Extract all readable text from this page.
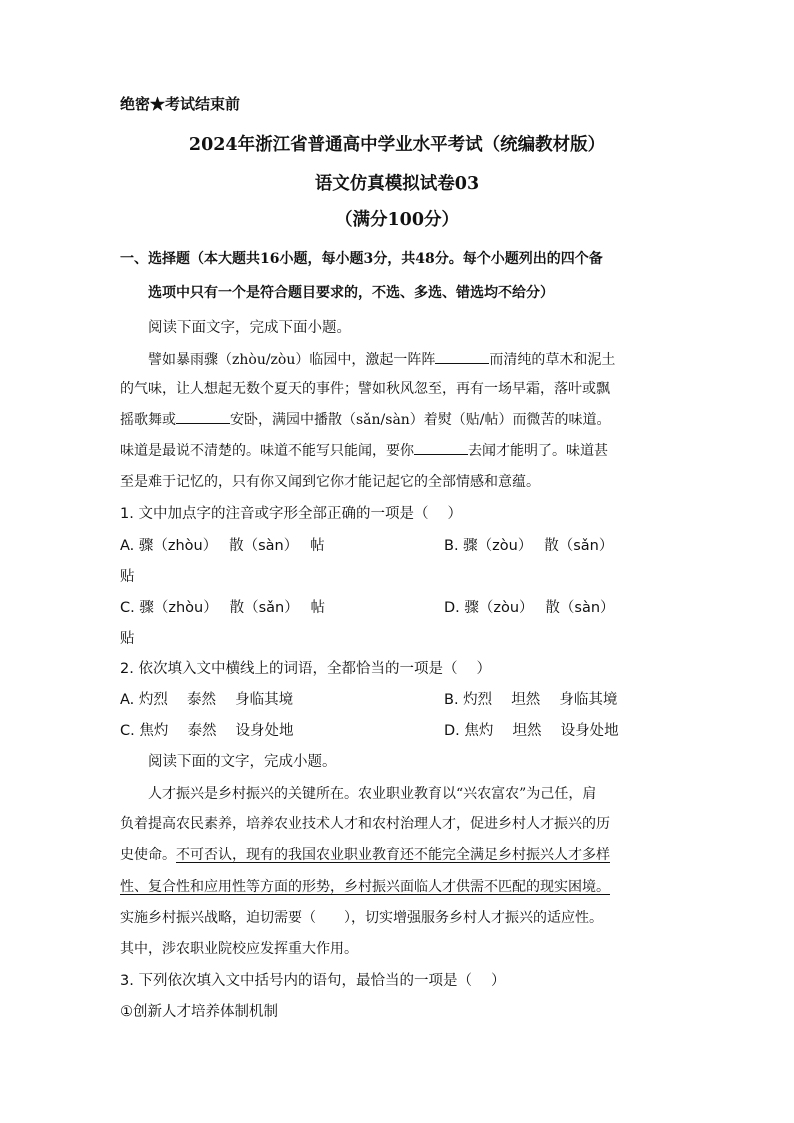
绝密★考试结束前
2024年浙江省普通高中学业水平考试（统编教材版）
语文仿真模拟试卷03
（满分100分）
一、选择题（本大题共16小题，每小题3分，共48分。每个小题列出的四个备
选项中只有一个是符合题目要求的，不选、多选、错选均不给分）
阅读下面文字，完成下面小题。
譬如暴雨骤（zhòu/zòu）临园中，激起一阵阵	而清纯的草木和泥土
的气味，让人想起无数个夏天的事件；譬如秋风忽至，再有一场早霜，落叶或飘
摇歌舞或	安卧，满园中播散（sǎn/sàn）着熨（贴/帖）而微苦的味道。
味道是最说不清楚的。味道不能写只能闻，要你	去闻才能明了。味道甚
至是难于记忆的，只有你又闻到它你才能记起它的全部情感和意蕴。
1. 文中加点字的注音或字形全部正确的一项是（　 ）
A. 骤（zhòu）　 散（sàn）　 帖	B. 骤（zòu）　 散（sǎn）
贴
C. 骤（zhòu）　 散（sǎn）　 帖	D. 骤（zòu）　 散（sàn）
贴
2. 依次填入文中横线上的词语，全都恰当的一项是（　 ）
A. 灼烈　 泰然　 身临其境	B. 灼烈　 坦然　 身临其境
C. 焦灼　 泰然　 设身处地	D. 焦灼　 坦然　 设身处地
阅读下面的文字，完成小题。
人才振兴是乡村振兴的关键所在。农业职业教育以“兴农富农”为己任，肩
负着提高农民素养，培养农业技术人才和农村治理人才，促进乡村人才振兴的历
史使命。不可否认，现有的我国农业职业教育还不能完全满足乡村振兴人才多样
性、复合性和应用性等方面的形势，乡村振兴面临人才供需不匹配的现实困境。
实施乡村振兴战略，迫切需要（　　），切实增强服务乡村人才振兴的适应性。
其中，涉农职业院校应发挥重大作用。
3. 下列依次填入文中括号内的语句，最恰当的一项是（　 ）
①创新人才培养体制机制
